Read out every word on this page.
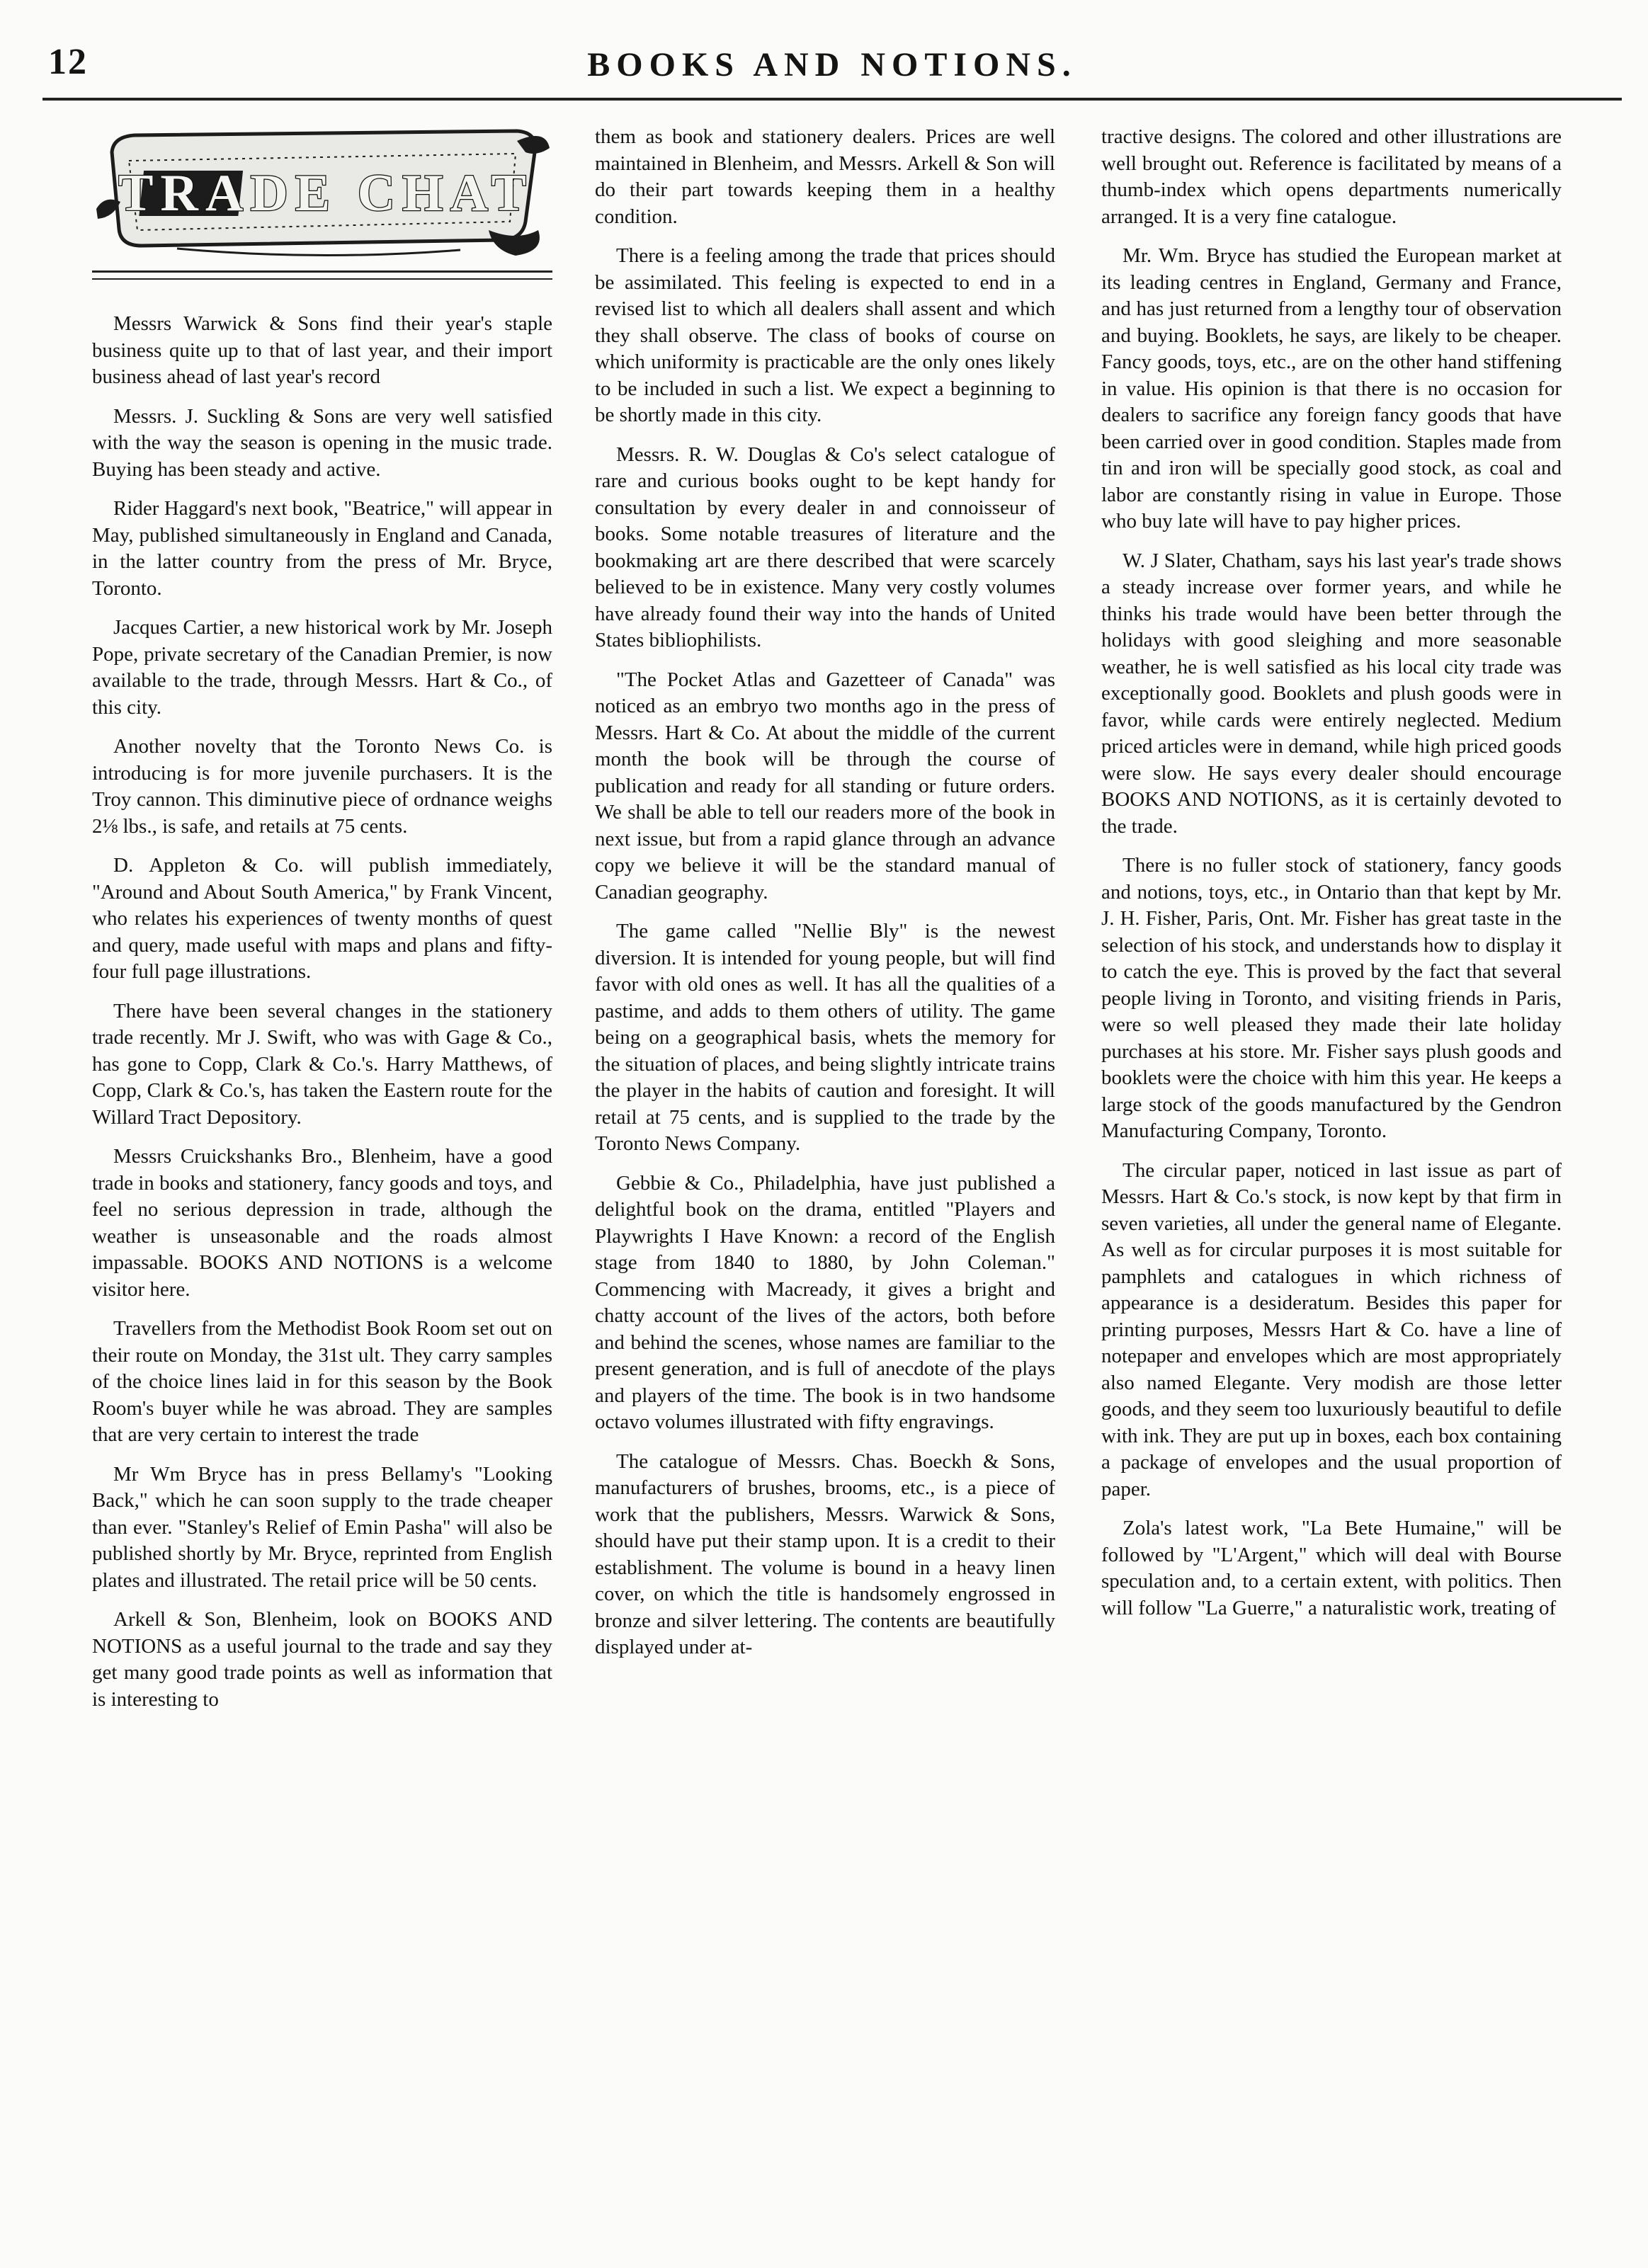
12	BOOKS AND NOTIONS.
TRADE CHAT

Messrs Warwick & Sons find their year's staple business quite up to that of last year, and their import business ahead of last year's record

Messrs. J. Suckling & Sons are very well satisfied with the way the season is opening in the music trade. Buying has been steady and active.

Rider Haggard's next book, "Beatrice," will appear in May, published simultaneously in England and Canada, in the latter country from the press of Mr. Bryce, Toronto.

Jacques Cartier, a new historical work by Mr. Joseph Pope, private secretary of the Canadian Premier, is now available to the trade, through Messrs. Hart & Co., of this city.

Another novelty that the Toronto News Co. is introducing is for more juvenile purchasers. It is the Troy cannon. This diminutive piece of ordnance weighs 2⅛ lbs., is safe, and retails at 75 cents.

D. Appleton & Co. will publish immediately, "Around and About South America," by Frank Vincent, who relates his experiences of twenty months of quest and query, made useful with maps and plans and fifty-four full page illustrations.

There have been several changes in the stationery trade recently. Mr J. Swift, who was with Gage & Co., has gone to Copp, Clark & Co.'s. Harry Matthews, of Copp, Clark & Co.'s, has taken the Eastern route for the Willard Tract Depository.

Messrs Cruickshanks Bro., Blenheim, have a good trade in books and stationery, fancy goods and toys, and feel no serious depression in trade, although the weather is unseasonable and the roads almost impassable. BOOKS AND NOTIONS is a welcome visitor here.

Travellers from the Methodist Book Room set out on their route on Monday, the 31st ult. They carry samples of the choice lines laid in for this season by the Book Room's buyer while he was abroad. They are samples that are very certain to interest the trade

Mr Wm Bryce has in press Bellamy's "Looking Back," which he can soon supply to the trade cheaper than ever. "Stanley's Relief of Emin Pasha" will also be published shortly by Mr. Bryce, reprinted from English plates and illustrated. The retail price will be 50 cents.

Arkell & Son, Blenheim, look on BOOKS AND NOTIONS as a useful journal to the trade and say they get many good trade points as well as information that is interesting to

them as book and stationery dealers. Prices are well maintained in Blenheim, and Messrs. Arkell & Son will do their part towards keeping them in a healthy condition.

There is a feeling among the trade that prices should be assimilated. This feeling is expected to end in a revised list to which all dealers shall assent and which they shall observe. The class of books of course on which uniformity is practicable are the only ones likely to be included in such a list. We expect a beginning to be shortly made in this city.

Messrs. R. W. Douglas & Co's select catalogue of rare and curious books ought to be kept handy for consultation by every dealer in and connoisseur of books. Some notable treasures of literature and the bookmaking art are there described that were scarcely believed to be in existence. Many very costly volumes have already found their way into the hands of United States bibliophilists.

"The Pocket Atlas and Gazetteer of Canada" was noticed as an embryo two months ago in the press of Messrs. Hart & Co. At about the middle of the current month the book will be through the course of publication and ready for all standing or future orders. We shall be able to tell our readers more of the book in next issue, but from a rapid glance through an advance copy we believe it will be the standard manual of Canadian geography.

The game called "Nellie Bly" is the newest diversion. It is intended for young people, but will find favor with old ones as well. It has all the qualities of a pastime, and adds to them others of utility. The game being on a geographical basis, whets the memory for the situation of places, and being slightly intricate trains the player in the habits of caution and foresight. It will retail at 75 cents, and is supplied to the trade by the Toronto News Company.

Gebbie & Co., Philadelphia, have just published a delightful book on the drama, entitled "Players and Playwrights I Have Known: a record of the English stage from 1840 to 1880, by John Coleman." Commencing with Macready, it gives a bright and chatty account of the lives of the actors, both before and behind the scenes, whose names are familiar to the present generation, and is full of anecdote of the plays and players of the time. The book is in two handsome octavo volumes illustrated with fifty engravings.

The catalogue of Messrs. Chas. Boeckh & Sons, manufacturers of brushes, brooms, etc., is a piece of work that the publishers, Messrs. Warwick & Sons, should have put their stamp upon. It is a credit to their establishment. The volume is bound in a heavy linen cover, on which the title is handsomely engrossed in bronze and silver lettering. The contents are beautifully displayed under at-

tractive designs. The colored and other illustrations are well brought out. Reference is facilitated by means of a thumb-index which opens departments numerically arranged. It is a very fine catalogue.

Mr. Wm. Bryce has studied the European market at its leading centres in England, Germany and France, and has just returned from a lengthy tour of observation and buying. Booklets, he says, are likely to be cheaper. Fancy goods, toys, etc., are on the other hand stiffening in value. His opinion is that there is no occasion for dealers to sacrifice any foreign fancy goods that have been carried over in good condition. Staples made from tin and iron will be specially good stock, as coal and labor are constantly rising in value in Europe. Those who buy late will have to pay higher prices.

W. J Slater, Chatham, says his last year's trade shows a steady increase over former years, and while he thinks his trade would have been better through the holidays with good sleighing and more seasonable weather, he is well satisfied as his local city trade was exceptionally good. Booklets and plush goods were in favor, while cards were entirely neglected. Medium priced articles were in demand, while high priced goods were slow. He says every dealer should encourage BOOKS AND NOTIONS, as it is certainly devoted to the trade.

There is no fuller stock of stationery, fancy goods and notions, toys, etc., in Ontario than that kept by Mr. J. H. Fisher, Paris, Ont. Mr. Fisher has great taste in the selection of his stock, and understands how to display it to catch the eye. This is proved by the fact that several people living in Toronto, and visiting friends in Paris, were so well pleased they made their late holiday purchases at his store. Mr. Fisher says plush goods and booklets were the choice with him this year. He keeps a large stock of the goods manufactured by the Gendron Manufacturing Company, Toronto.

The circular paper, noticed in last issue as part of Messrs. Hart & Co.'s stock, is now kept by that firm in seven varieties, all under the general name of Elegante. As well as for circular purposes it is most suitable for pamphlets and catalogues in which richness of appearance is a desideratum. Besides this paper for printing purposes, Messrs Hart & Co. have a line of notepaper and envelopes which are most appropriately also named Elegante. Very modish are those letter goods, and they seem too luxuriously beautiful to defile with ink. They are put up in boxes, each box containing a package of envelopes and the usual proportion of paper.

Zola's latest work, "La Bete Humaine," will be followed by "L'Argent," which will deal with Bourse speculation and, to a certain extent, with politics. Then will follow "La Guerre," a naturalistic work, treating of
